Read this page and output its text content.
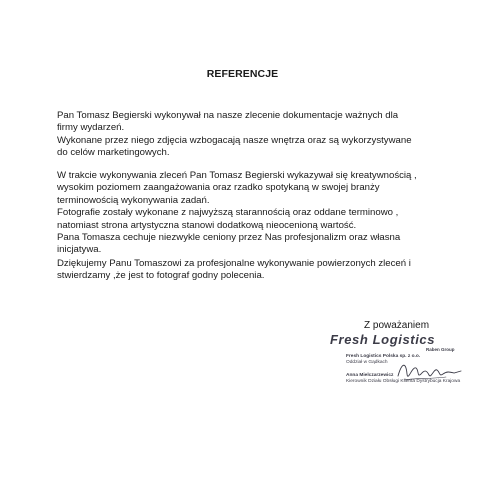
REFERENCJE
Pan Tomasz Begierski wykonywał na nasze zlecenie dokumentacje ważnych dla
firmy wydarzeń.
Wykonane przez niego zdjęcia wzbogacają nasze wnętrza oraz są wykorzystywane
do celów marketingowych.
W trakcie wykonywania zleceń Pan Tomasz Begierski wykazywał się kreatywnością ,
wysokim poziomem zaangażowania oraz rzadko spotykaną w swojej branży
terminowością wykonywania zadań.
Fotografie zostały wykonane z najwyższą starannością oraz oddane terminowo ,
natomiast strona artystyczna stanowi dodatkową nieocenioną wartość.
Pana Tomasza cechuje niezwykle ceniony przez Nas profesjonalizm oraz własna
inicjatywa.
Dziękujemy Panu Tomaszowi za profesjonalne wykonywanie powierzonych zleceń i
stwierdzamy ,że jest to fotograf godny polecenia.
Z poważaniem
Fresh Logistics
Raben Group
Fresh Logistics Polska sp. z o.o.
Oddział w Gądkach
Anna Mielczarzewicz
Kierownik Działu Obsługi Klienta Dystrybucja Krajowa
